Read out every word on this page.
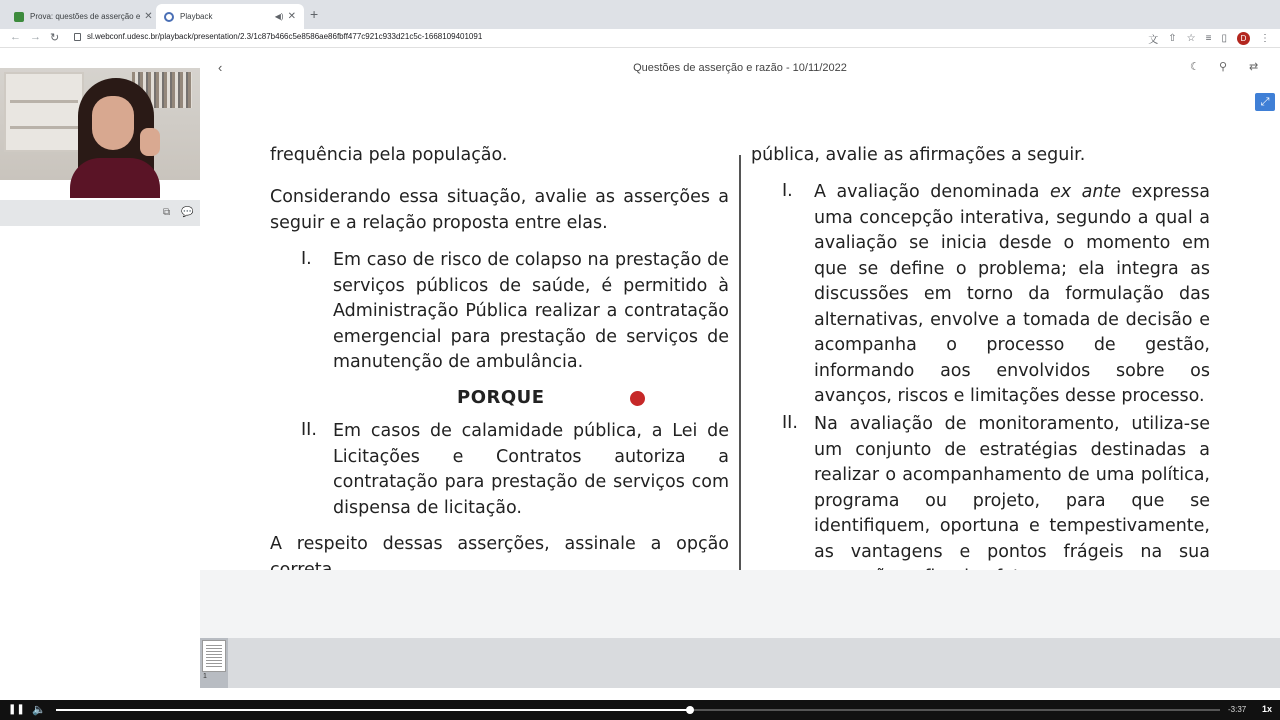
Prova: questões de asserção e ✕	Playback	◀) ✕ +
← → ↻	sl.webconf.udesc.br/playback/presentation/2.3/1c87b466c5e8586ae86fbff477c921c933d21c5c-1668109401091	文 ⇧ ☆ ≡ ▯	D	⋮
⧉ 💬
‹	Questões de asserção e razão - 10/11/2022	☾ ⚲ ⇄
⤢
frequência pela população.
Considerando essa situação, avalie as asserções a seguir e a relação proposta entre elas.
I. Em caso de risco de colapso na prestação de serviços públicos de saúde, é permitido à Administração Pública realizar a contratação emergencial para prestação de serviços de manutenção de ambulância.
PORQUE
II. Em casos de calamidade pública, a Lei de Licitações e Contratos autoriza a contratação para prestação de serviços com dispensa de licitação.
A respeito dessas asserções, assinale a opção
pública, avalie as afirmações a seguir.
I. A avaliação denominada ex ante expressa uma concepção interativa, segundo a qual a avaliação se inicia desde o momento em que se define o problema; ela integra as discussões em torno da formulação das alternativas, envolve a tomada de decisão e acompanha o processo de gestão, informando aos envolvidos sobre os avanços, riscos e limitações desse processo.
II. Na avaliação de monitoramento, utiliza-se um conjunto de estratégias destinadas a realizar o acompanhamento de uma política, programa ou projeto, para que se identifiquem, oportuna e tempestivamente, as vantagens e pontos frágeis na sua
1
❚❚ 🔈	-3:37 1x
